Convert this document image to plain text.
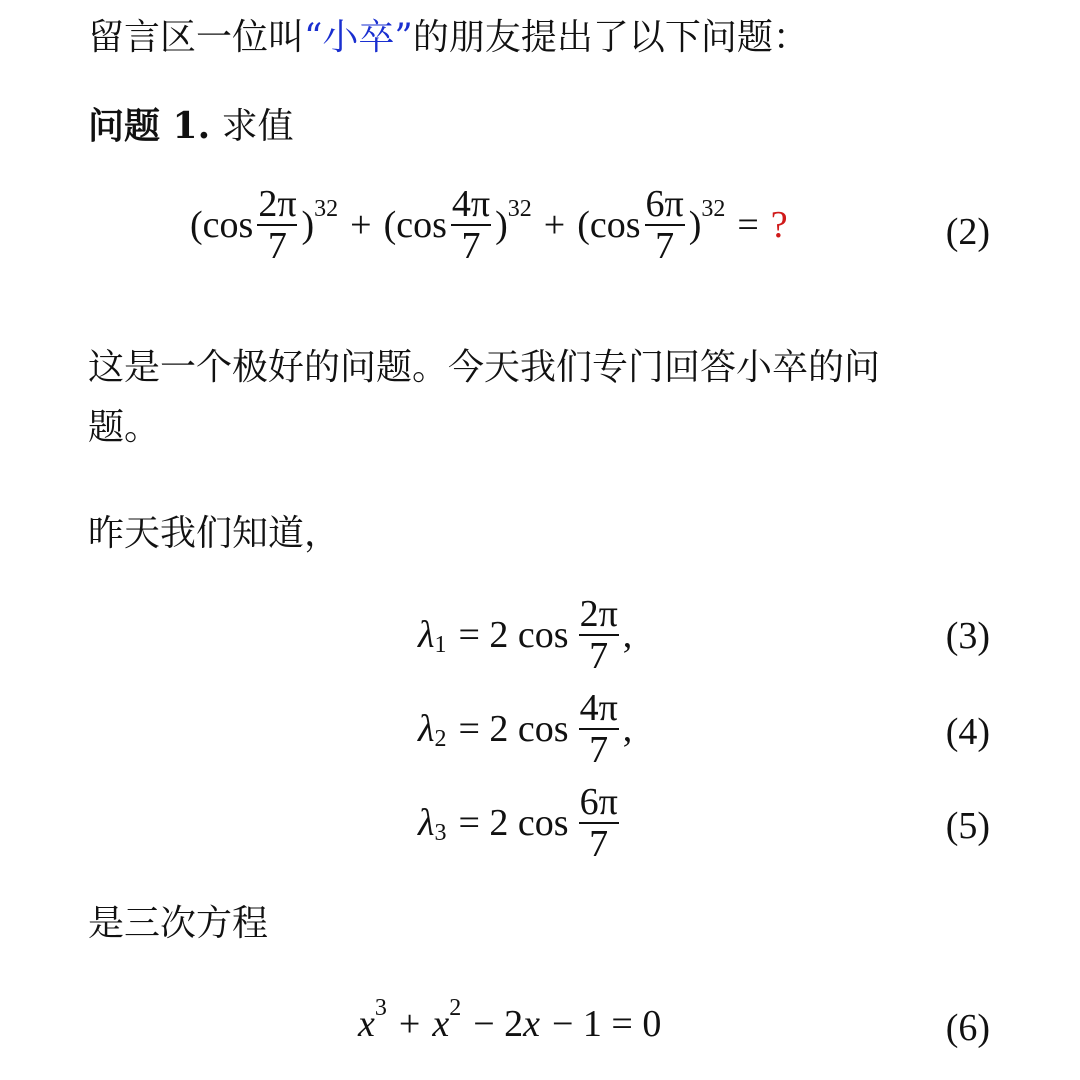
留言区一位叫“小卒”的朋友提出了以下问题：
问题 1. 求值
($\cos \frac{2\pi}{7}$ ) $32 + (\cos \frac{4\pi}{7}$ ) $32 + (\cos \frac{6\pi}{7}$ ) 32 = ?	(2)
这是一个极好的问题。今天我们专门回答小卒的问
题。
昨天我们知道，
λ 1 = 2 $\cos \frac{2\pi}{7}$ ,	(3)
λ 2 = 2 $\cos \frac{4\pi}{7}$ ,	(4)
λ 3 = 2 $\cos \frac{6\pi}{7}$	(5)
是三次方程
x 3 + x 2 − 2 x − 1 = 0	(6)
